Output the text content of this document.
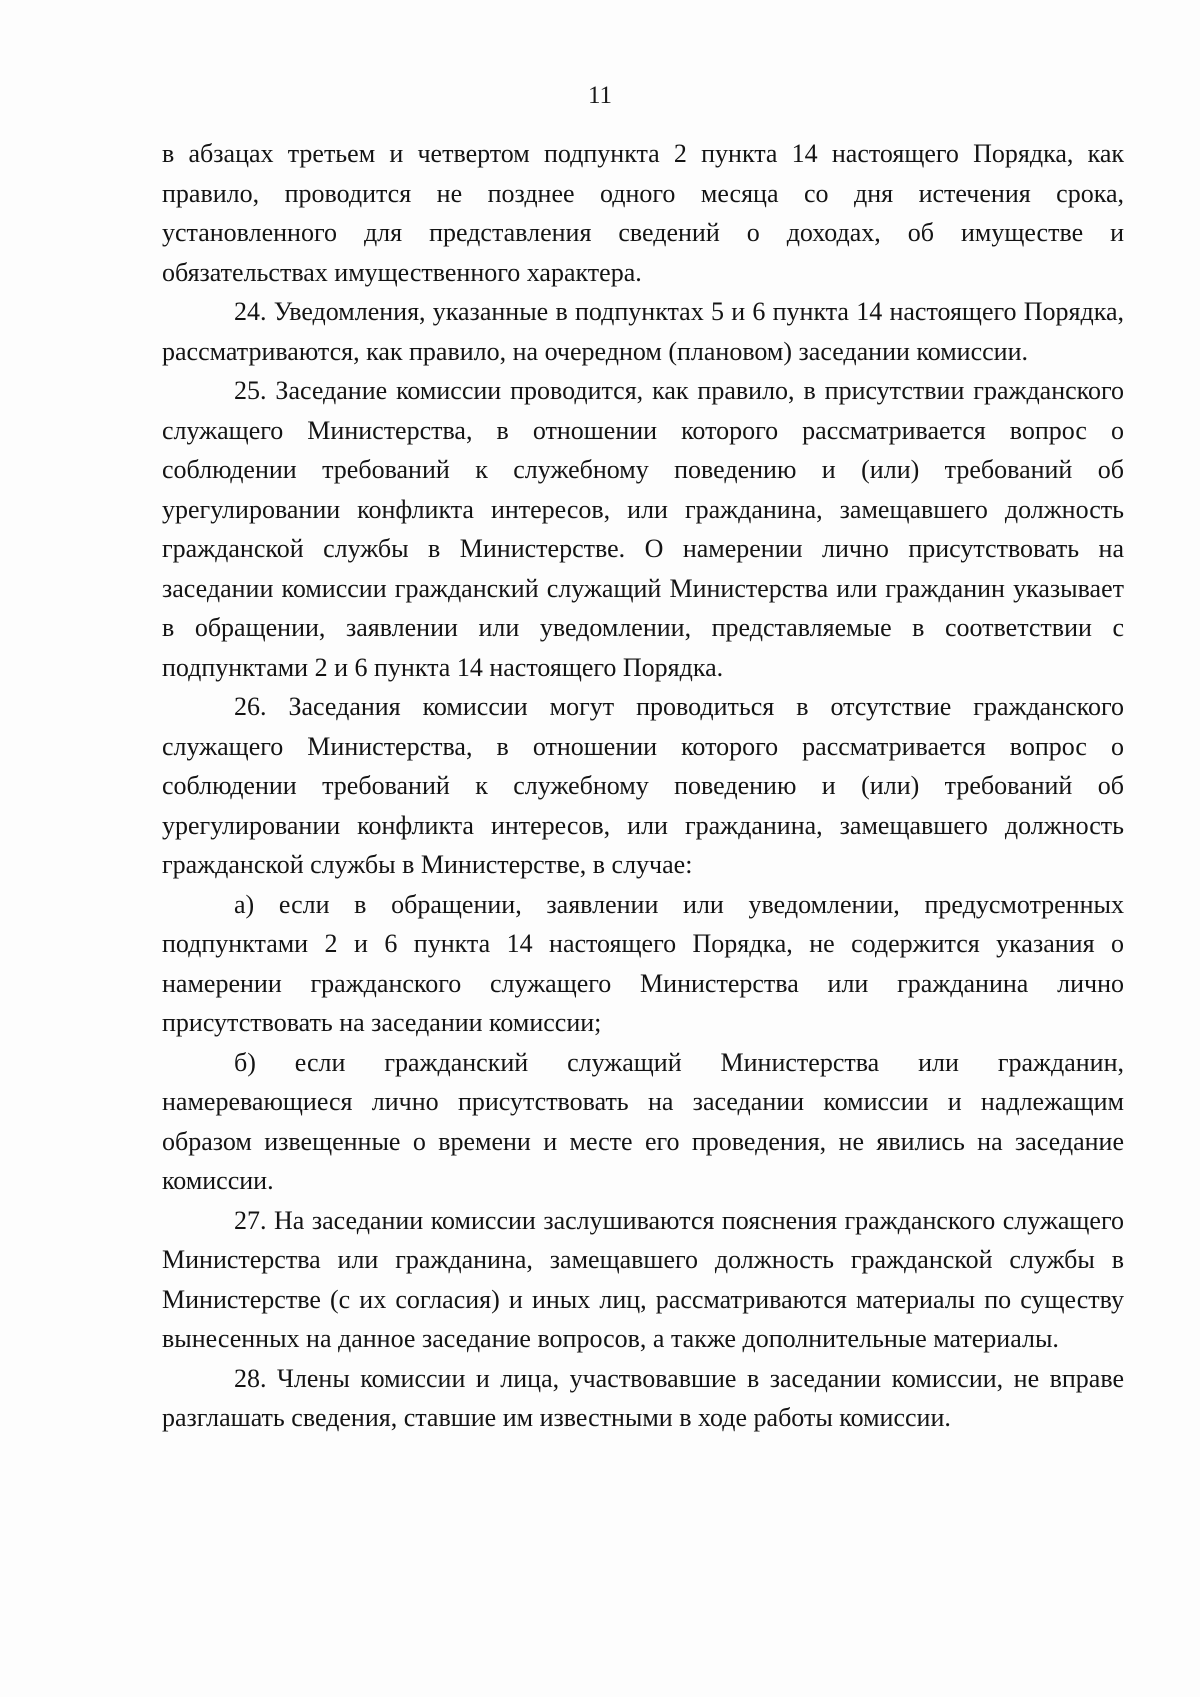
11

в абзацах третьем и четвертом подпункта 2 пункта 14 настоящего Порядка, как правило, проводится не позднее одного месяца со дня истечения срока, установленного для представления сведений о доходах, об имуществе и обязательствах имущественного характера.

24. Уведомления, указанные в подпунктах 5 и 6 пункта 14 настоящего Порядка, рассматриваются, как правило, на очередном (плановом) заседании комиссии.

25. Заседание комиссии проводится, как правило, в присутствии гражданского служащего Министерства, в отношении которого рассматривается вопрос о соблюдении требований к служебному поведению и (или) требований об урегулировании конфликта интересов, или гражданина, замещавшего должность гражданской службы в Министерстве. О намерении лично присутствовать на заседании комиссии гражданский служащий Министерства или гражданин указывает в обращении, заявлении или уведомлении, представляемые в соответствии с подпунктами 2 и 6 пункта 14 настоящего Порядка.

26. Заседания комиссии могут проводиться в отсутствие гражданского служащего Министерства, в отношении которого рассматривается вопрос о соблюдении требований к служебному поведению и (или) требований об урегулировании конфликта интересов, или гражданина, замещавшего должность гражданской службы в Министерстве, в случае:

а) если в обращении, заявлении или уведомлении, предусмотренных подпунктами 2 и 6 пункта 14 настоящего Порядка, не содержится указания о намерении гражданского служащего Министерства или гражданина лично присутствовать на заседании комиссии;

б) если гражданский служащий Министерства или гражданин, намеревающиеся лично присутствовать на заседании комиссии и надлежащим образом извещенные о времени и месте его проведения, не явились на заседание комиссии.

27. На заседании комиссии заслушиваются пояснения гражданского служащего Министерства или гражданина, замещавшего должность гражданской службы в Министерстве (с их согласия) и иных лиц, рассматриваются материалы по существу вынесенных на данное заседание вопросов, а также дополнительные материалы.

28. Члены комиссии и лица, участвовавшие в заседании комиссии, не вправе разглашать сведения, ставшие им известными в ходе работы комиссии.
